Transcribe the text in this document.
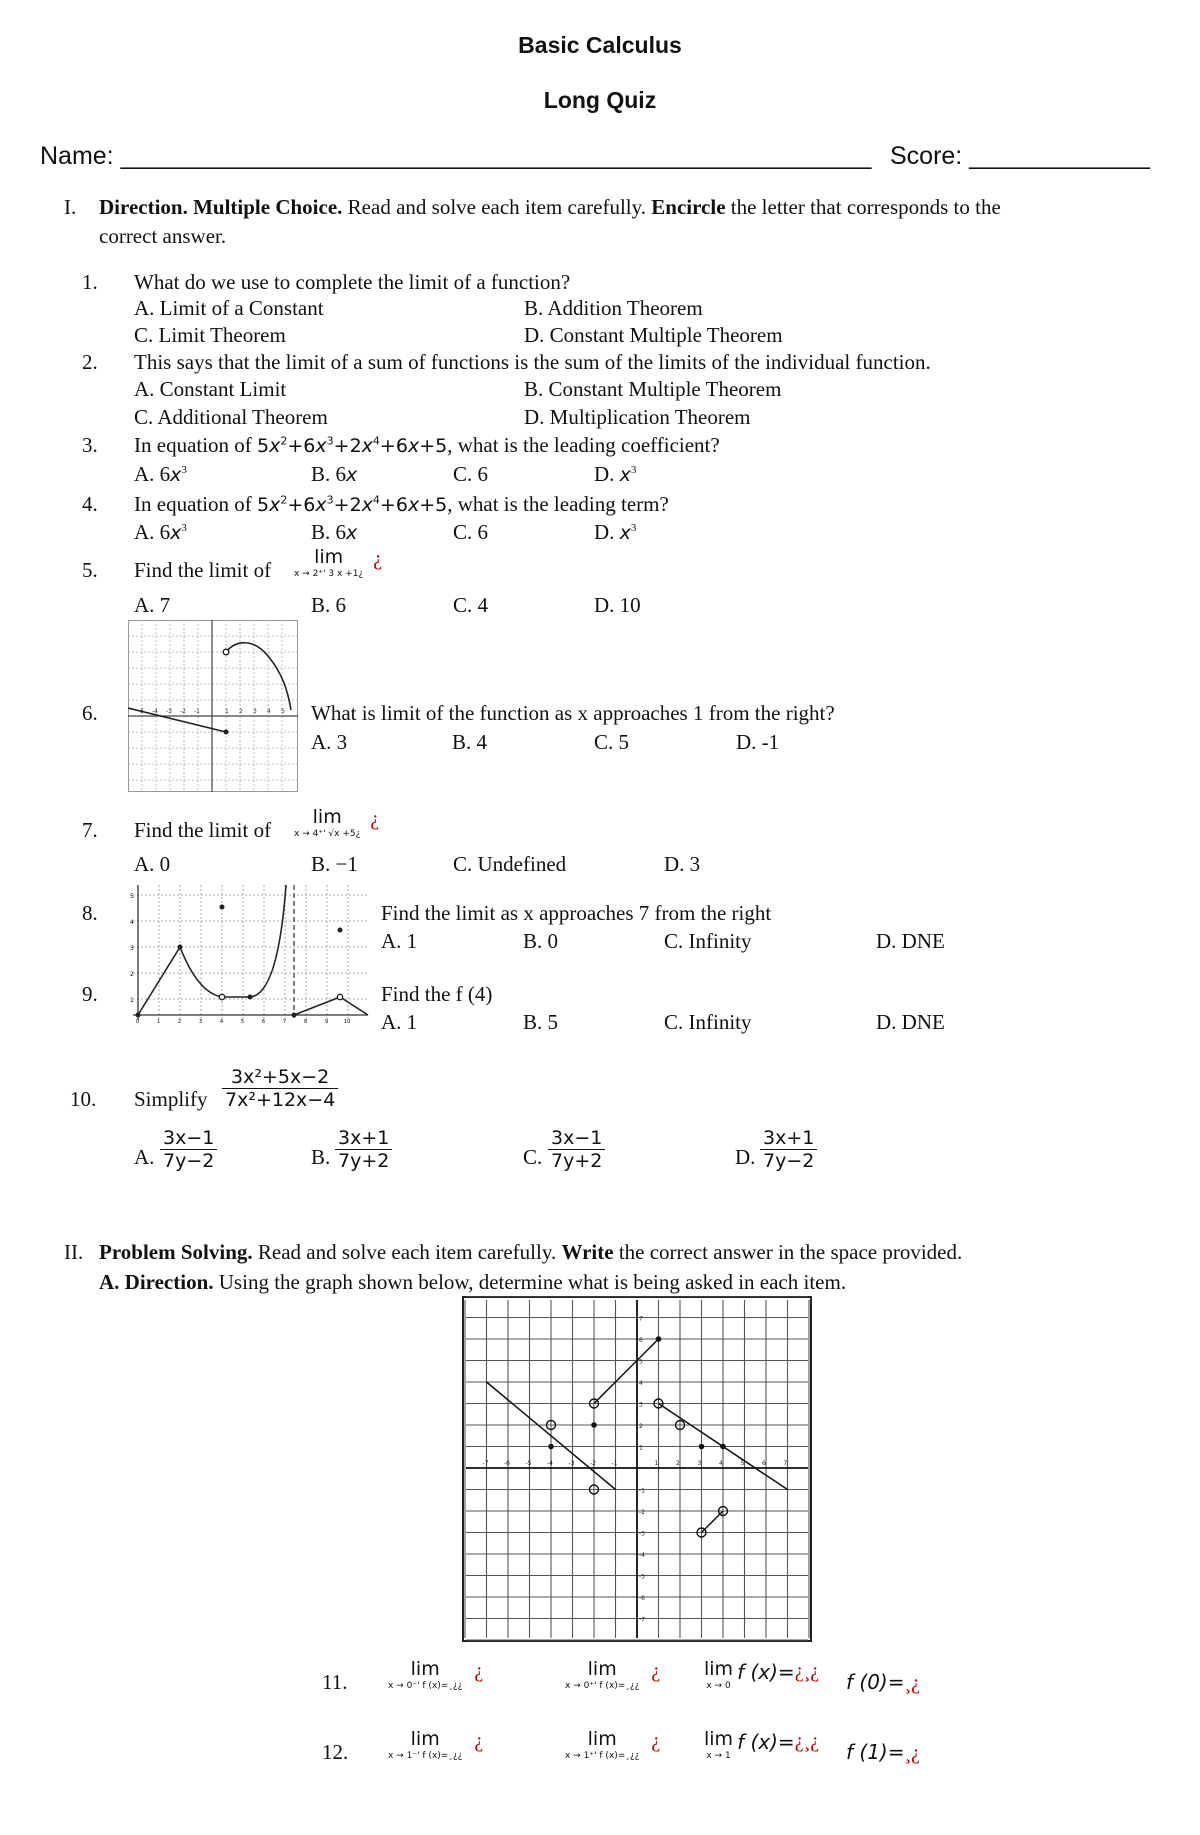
Basic Calculus
Long Quiz
Name: ______________________________________________________ Score: _____________
I. Direction. Multiple Choice. Read and solve each item carefully. Encircle the letter that corresponds to the
correct answer.
1. What do we use to complete the limit of a function?
A. Limit of a Constant	B. Addition Theorem
C. Limit Theorem	D. Constant Multiple Theorem
2. This says that the limit of a sum of functions is the sum of the limits of the individual function.
A. Constant Limit	B. Constant Multiple Theorem
C. Additional Theorem	D. Multiplication Theorem
3. In equation of $5x^2+6x^3+2x^4+6x+5$, what is the leading coefficient?
A. $6x^3$	B. 6x	C. 6	D. $x^3$
4. In equation of $5x^2+6x^3+2x^4+6x+5$, what is the leading term?
A. $6x^3$	B. 6x	C. 6	D. $x^3$
5. Find the limit of
lim
x → 2⁺' 3 x +1¿
¿
A. 7	B. 6	C. 4	D. 10
-4 -3 -2 -1	1 2 3 4 5
6.	What is limit of the function as x approaches 1 from the right?
A. 3	B. 4	C. 5	D. -1
7. Find the limit of
lim
x → 4⁺' √x +5¿
¿
A. 0	B. −1	C. Undefined	D. 3
5
4
3
2
1
0	1	2	3	4	5	6	7	8	9	10
8.	Find the limit as x approaches 7 from the right
A. 1	B. 0	C. Infinity	D. DNE
9.	Find the f (4)
A. 1	B. 5	C. Infinity	D. DNE
10. Simplify $\frac{\text{3x²+5x−2}}{\text{7x²+12x−4}}$
A. $\frac{3x-1}{7y-2}$	B. $\frac{3x+1}{7y+2}$	C. $\frac{3x-1}{7y+2}$	D. $\frac{3x+1}{7y-2}$
II. Problem Solving. Read and solve each item carefully. Write the correct answer in the space provided.
A. Direction. Using the graph shown below, determine what is being asked in each item.
-7	-6	-5	-4	-3	-2	-1	1	2	3	4	5	6	7
7
6
5
4
3
2
1
-1
-2
-3
-4
-5
-6
-7
11.
lim
x → 0⁻' f (x)=¸¿¿
¿	lim
x → 0⁺' f (x)=¸¿¿
¿ lim
x → 0
f (x)=¿¸¿ f (0)=¸¿
12.
lim
x → 1⁻' f (x)=¸¿¿
¿	lim
x → 1⁺' f (x)=¸¿¿
¿ lim
x → 1
f (x)=¿¸¿ f (1)=¸¿
